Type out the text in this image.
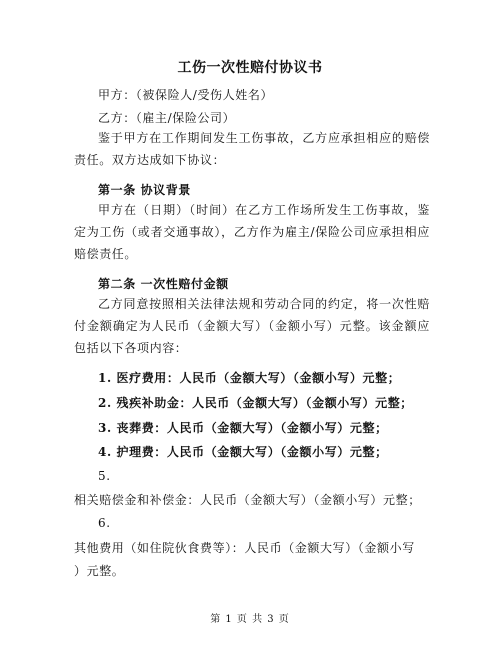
工伤一次性赔付协议书
甲方：（被保险人/受伤人姓名）
乙方：（雇主/保险公司）
鉴于甲方在工作期间发生工伤事故，乙方应承担相应的赔偿责任。双方达成如下协议：
第一条 协议背景
甲方在（日期）（时间）在乙方工作场所发生工伤事故，鉴定为工伤（或者交通事故），乙方作为雇主/保险公司应承担相应赔偿责任。
第二条 一次性赔付金额
乙方同意按照相关法律法规和劳动合同的约定，将一次性赔付金额确定为人民币（金额大写）（金额小写）元整。该金额应包括以下各项内容：
1. 医疗费用：人民币（金额大写）（金额小写）元整；
2. 残疾补助金：人民币（金额大写）（金额小写）元整；
3. 丧葬费：人民币（金额大写）（金额小写）元整；
4. 护理费：人民币（金额大写）（金额小写）元整；
5.
相关赔偿金和补偿金：人民币（金额大写）（金额小写）元整；
6.
其他费用（如住院伙食费等）：人民币（金额大写）（金额小写
）元整。
第 1 页 共 3 页
